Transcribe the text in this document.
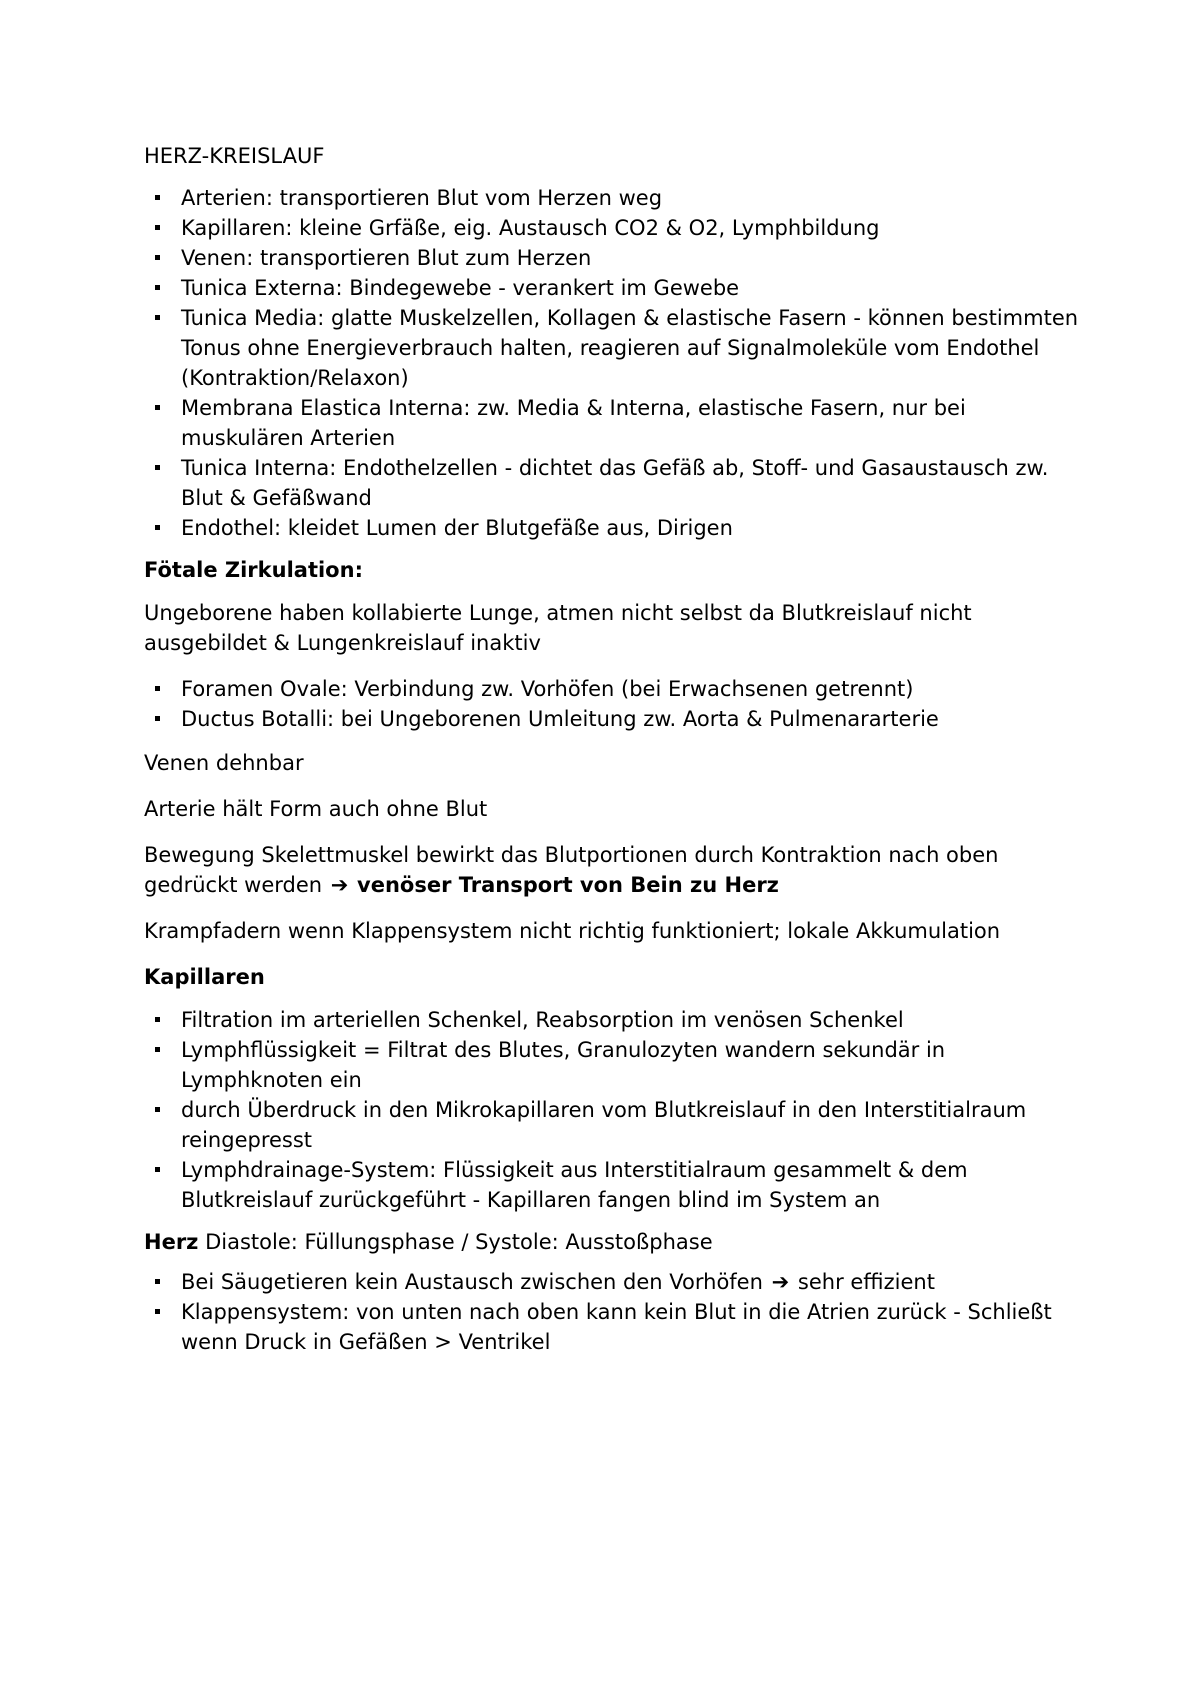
HERZ-KREISLAUF

Arterien: transportieren Blut vom Herzen weg
Kapillaren: kleine Grfäße, eig. Austausch CO2 & O2, Lymphbildung
Venen: transportieren Blut zum Herzen
Tunica Externa: Bindegewebe - verankert im Gewebe
Tunica Media: glatte Muskelzellen, Kollagen & elastische Fasern - können bestimmten Tonus ohne Energieverbrauch halten, reagieren auf Signalmoleküle vom Endothel (Kontraktion/Relaxon)
Membrana Elastica Interna: zw. Media & Interna, elastische Fasern, nur bei muskulären Arterien
Tunica Interna: Endothelzellen - dichtet das Gefäß ab, Stoff- und Gasaustausch zw. Blut & Gefäßwand
Endothel: kleidet Lumen der Blutgefäße aus, Dirigen

Fötale Zirkulation:

Ungeborene haben kollabierte Lunge, atmen nicht selbst da Blutkreislauf nicht ausgebildet & Lungenkreislauf inaktiv

Foramen Ovale: Verbindung zw. Vorhöfen (bei Erwachsenen getrennt)
Ductus Botalli: bei Ungeborenen Umleitung zw. Aorta & Pulmenararterie

Venen dehnbar

Arterie hält Form auch ohne Blut

Bewegung Skelettmuskel bewirkt das Blutportionen durch Kontraktion nach oben gedrückt werden ➔ venöser Transport von Bein zu Herz

Krampfadern wenn Klappensystem nicht richtig funktioniert; lokale Akkumulation

Kapillaren

Filtration im arteriellen Schenkel, Reabsorption im venösen Schenkel
Lymphflüssigkeit = Filtrat des Blutes, Granulozyten wandern sekundär in Lymphknoten ein
durch Überdruck in den Mikrokapillaren vom Blutkreislauf in den Interstitialraum reingepresst
Lymphdrainage-System: Flüssigkeit aus Interstitialraum gesammelt & dem Blutkreislauf zurückgeführt - Kapillaren fangen blind im System an

Herz Diastole: Füllungsphase / Systole: Ausstoßphase

Bei Säugetieren kein Austausch zwischen den Vorhöfen ➔ sehr effizient
Klappensystem: von unten nach oben kann kein Blut in die Atrien zurück - Schließt wenn Druck in Gefäßen > Ventrikel
